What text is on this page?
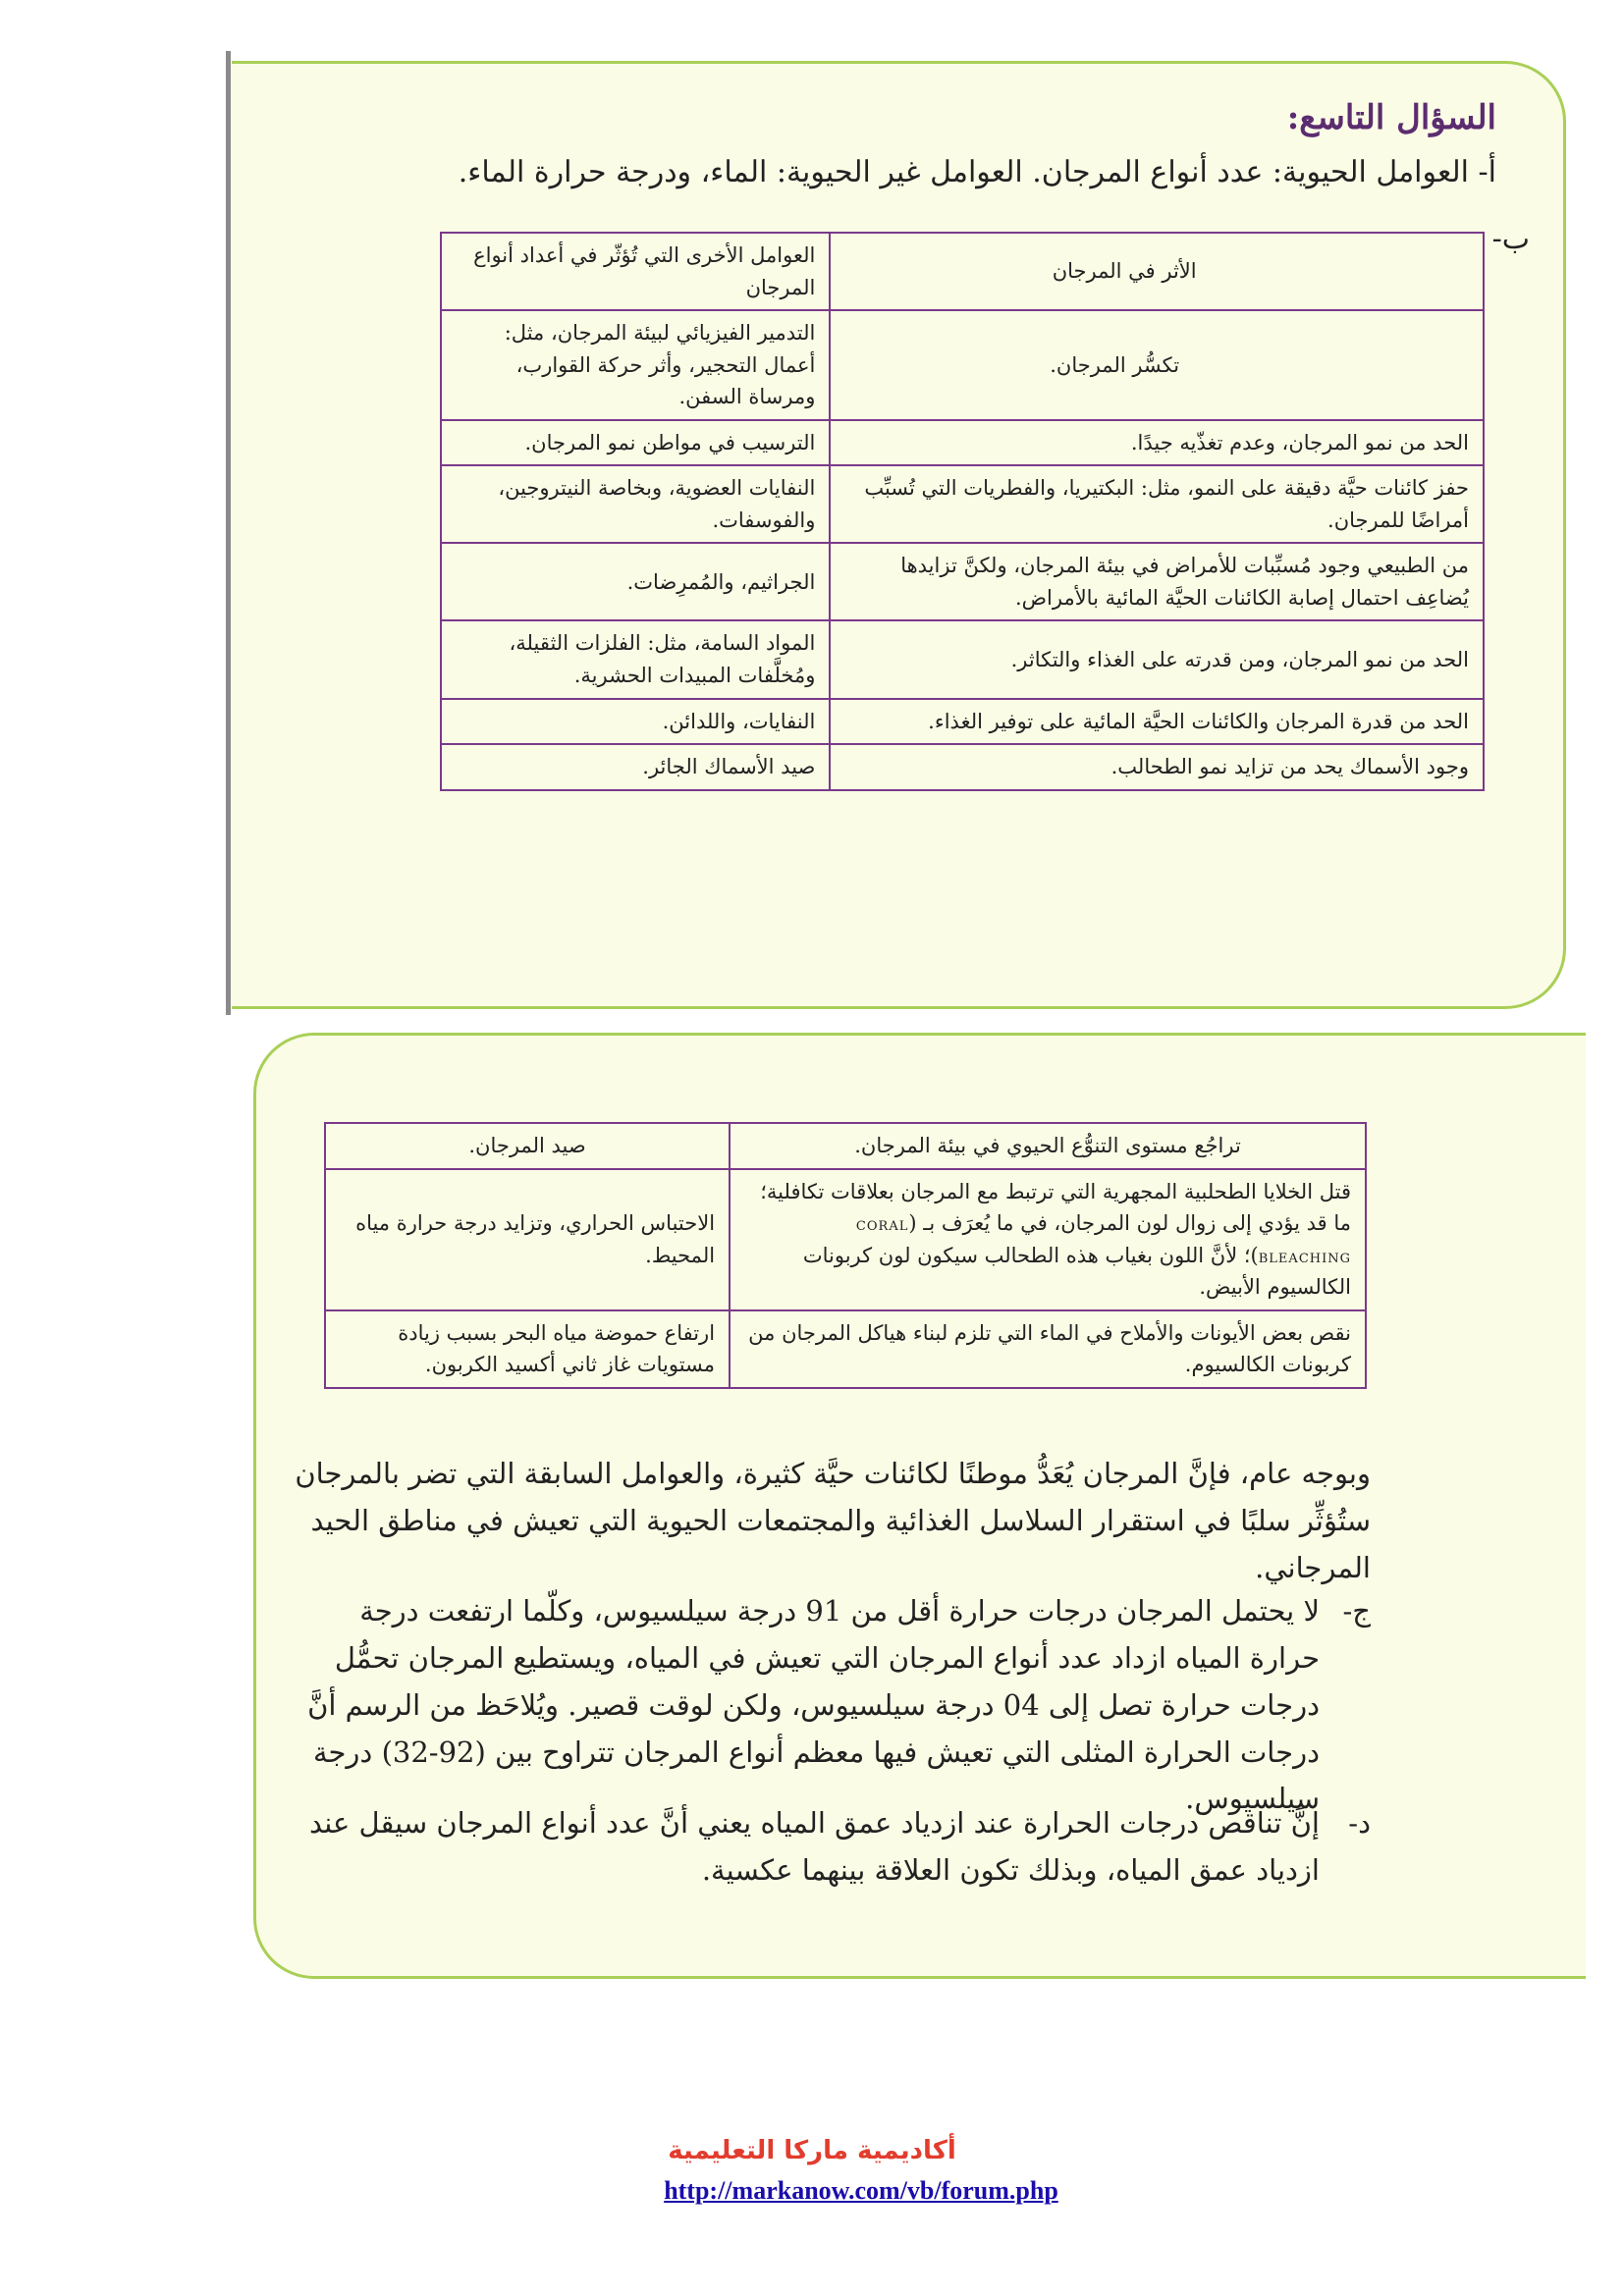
السؤال التاسع:
أ- العوامل الحيوية: عدد أنواع المرجان. العوامل غير الحيوية: الماء، ودرجة حرارة الماء.
ب-
العوامل الأخرى التي تُؤثّر في أعداد أنواع المرجان	الأثر في المرجان
التدمير الفيزيائي لبيئة المرجان، مثل: أعمال التحجير، وأثر حركة القوارب، ومرساة السفن.	تكسُّر المرجان.
الترسيب في مواطن نمو المرجان.	الحد من نمو المرجان، وعدم تغذّيه جيدًا.
النفايات العضوية، وبخاصة النيتروجين، والفوسفات.	حفز كائنات حيَّة دقيقة على النمو، مثل: البكتيريا، والفطريات التي تُسبِّب أمراضًا للمرجان.
الجراثيم، والمُمرِضات.	من الطبيعي وجود مُسبِّبات للأمراض في بيئة المرجان، ولكنَّ تزايدها يُضاعِف احتمال إصابة الكائنات الحيَّة المائية بالأمراض.
المواد السامة، مثل: الفلزات الثقيلة، ومُخلَّفات المبيدات الحشرية.	الحد من نمو المرجان، ومن قدرته على الغذاء والتكاثر.
النفايات، واللدائن.	الحد من قدرة المرجان والكائنات الحيَّة المائية على توفير الغذاء.
صيد الأسماك الجائر.	وجود الأسماك يحد من تزايد نمو الطحالب.
صيد المرجان.	تراجُع مستوى التنوُّع الحيوي في بيئة المرجان.
الاحتباس الحراري، وتزايد درجة حرارة مياه المحيط.	قتل الخلايا الطحلبية المجهرية التي ترتبط مع المرجان بعلاقات تكافلية؛ ما قد يؤدي إلى زوال لون المرجان، في ما يُعرَف بـ (CORAL BLEACHING)؛ لأنَّ اللون بغياب هذه الطحالب سيكون لون كربونات الكالسيوم الأبيض.
ارتفاع حموضة مياه البحر بسبب زيادة مستويات غاز ثاني أكسيد الكربون.	نقص بعض الأيونات والأملاح في الماء التي تلزم لبناء هياكل المرجان من كربونات الكالسيوم.
وبوجه عام، فإنَّ المرجان يُعَدُّ موطنًا لكائنات حيَّة كثيرة، والعوامل السابقة التي تضر بالمرجان ستُؤثِّر سلبًا في استقرار السلاسل الغذائية والمجتمعات الحيوية التي تعيش في مناطق الحيد المرجاني.
ج-
لا يحتمل المرجان درجات حرارة أقل من 91 درجة سيلسيوس، وكلّما ارتفعت درجة حرارة المياه ازداد عدد أنواع المرجان التي تعيش في المياه، ويستطيع المرجان تحمُّل درجات حرارة تصل إلى 04 درجة سيلسيوس، ولكن لوقت قصير. ويُلاحَظ من الرسم أنَّ درجات الحرارة المثلى التي تعيش فيها معظم أنواع المرجان تتراوح بين (92-32) درجة سيلسيوس.
د-
إنَّ تناقص درجات الحرارة عند ازدياد عمق المياه يعني أنَّ عدد أنواع المرجان سيقل عند ازدياد عمق المياه، وبذلك تكون العلاقة بينهما عكسية.
أكاديمية ماركا التعليمية
http://markanow.com/vb/forum.php
